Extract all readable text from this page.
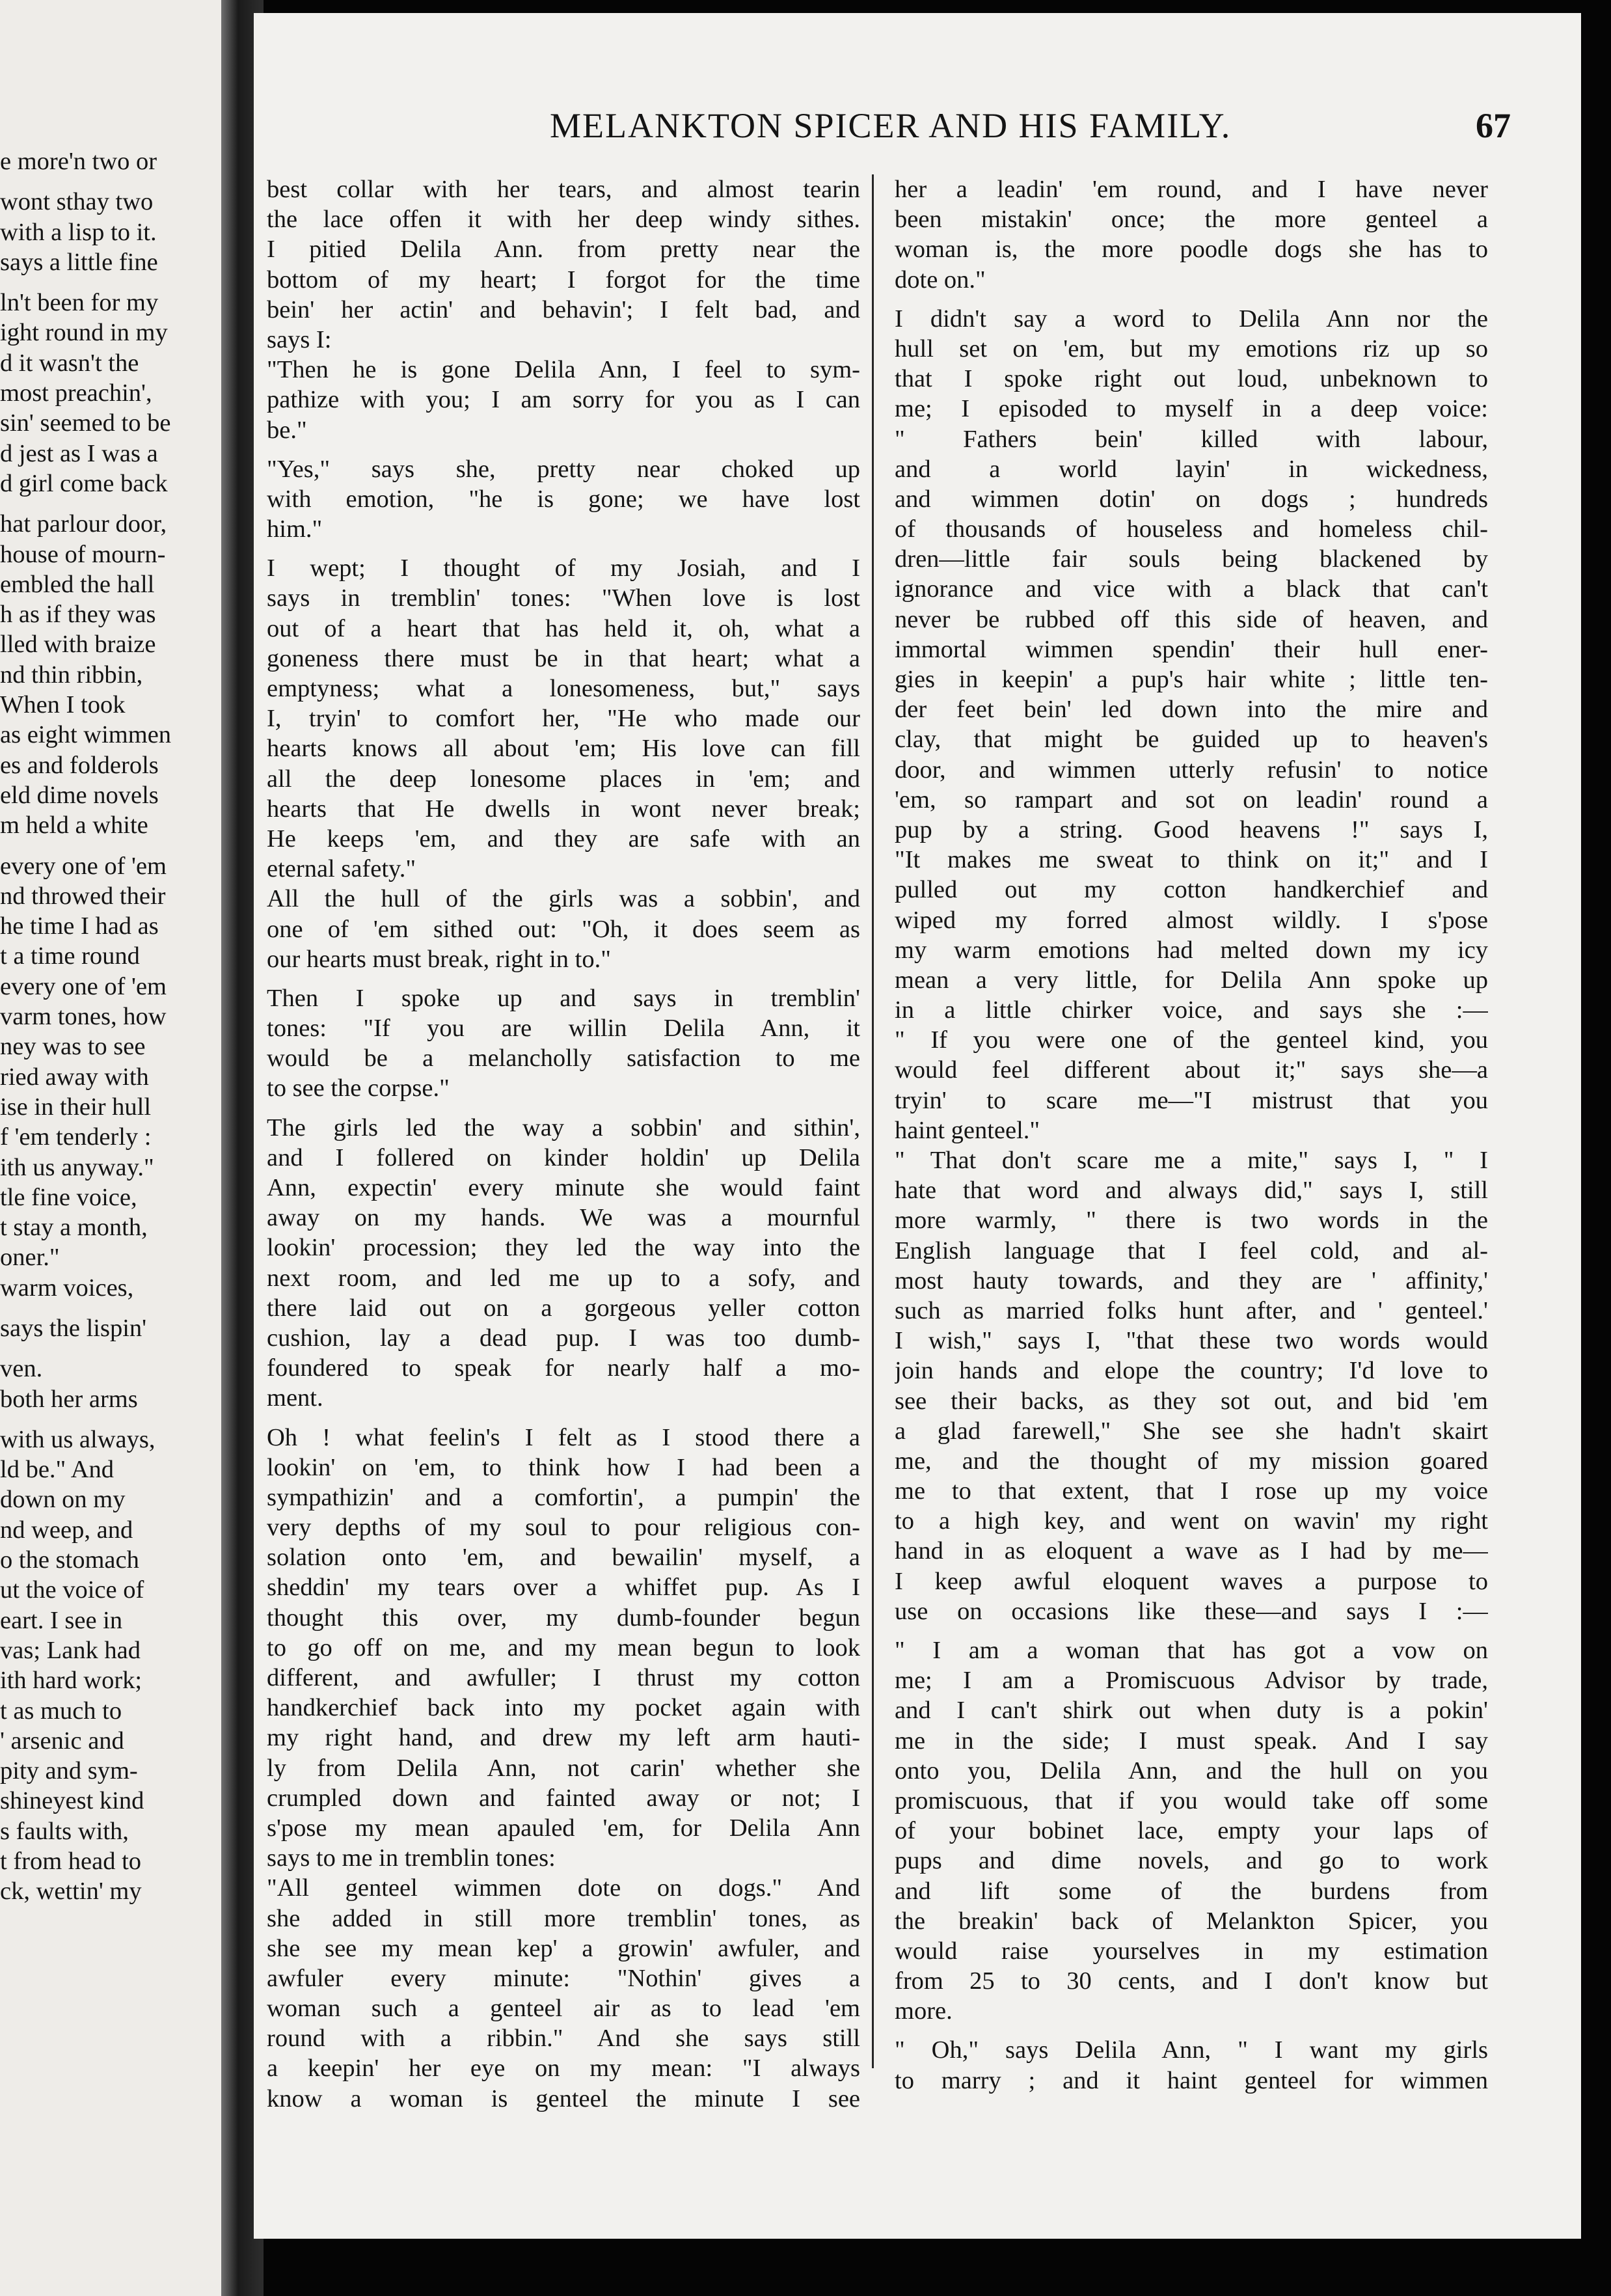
e more'n two or

wont sthay two

with a lisp to it.

says a little fine

ln't been for my

ight round in my

d it wasn't the

most preachin',

sin' seemed to be

d jest as I was a

d girl come back

hat parlour door,

house of mourn-

embled the hall

h as if they was

lled with braize

nd thin ribbin,

When I took

as eight wimmen

es and folderols

eld dime novels

m held a white

every one of 'em

nd throwed their

he time I had as

t a time round

every one of 'em

varm tones, how

ney was to see

ried away with

ise in their hull

f 'em tenderly :

ith us anyway."

tle fine voice,

t stay a month,

oner."

warm voices,

says the lispin'

ven.

both her arms

with us always,

ld be." And

down on my

nd weep, and

o the stomach

ut the voice of

eart. I see in

vas; Lank had

ith hard work;

t as much to

' arsenic and

pity and sym-

shineyest kind

s faults with,

t from head to

ck, wettin' my

MELANKTON SPICER AND HIS FAMILY.	67

best collar with her tears, and almost tearin

the lace offen it with her deep windy sithes.

I pitied Delila Ann. from pretty near the

bottom of my heart; I forgot for the time

bein' her actin' and behavin'; I felt bad, and

says I:

"Then he is gone Delila Ann, I feel to sym-

pathize with you; I am sorry for you as I can

be."

"Yes," says she, pretty near choked up

with emotion, "he is gone; we have lost

him."

I wept; I thought of my Josiah, and I

says in tremblin' tones: "When love is lost

out of a heart that has held it, oh, what a

goneness there must be in that heart; what a

emptyness; what a lonesomeness, but," says

I, tryin' to comfort her, "He who made our

hearts knows all about 'em; His love can fill

all the deep lonesome places in 'em; and

hearts that He dwells in wont never break;

He keeps 'em, and they are safe with an

eternal safety."

All the hull of the girls was a sobbin', and

one of 'em sithed out: "Oh, it does seem as

our hearts must break, right in to."

Then I spoke up and says in tremblin'

tones: "If you are willin Delila Ann, it

would be a melancholly satisfaction to me

to see the corpse."

The girls led the way a sobbin' and sithin',

and I follered on kinder holdin' up Delila

Ann, expectin' every minute she would faint

away on my hands. We was a mournful

lookin' procession; they led the way into the

next room, and led me up to a sofy, and

there laid out on a gorgeous yeller cotton

cushion, lay a dead pup. I was too dumb-

foundered to speak for nearly half a mo-

ment.

Oh ! what feelin's I felt as I stood there a

lookin' on 'em, to think how I had been a

sympathizin' and a comfortin', a pumpin' the

very depths of my soul to pour religious con-

solation onto 'em, and bewailin' myself, a

sheddin' my tears over a whiffet pup. As I

thought this over, my dumb-founder begun

to go off on me, and my mean begun to look

different, and awfuller; I thrust my cotton

handkerchief back into my pocket again with

my right hand, and drew my left arm hauti-

ly from Delila Ann, not carin' whether she

crumpled down and fainted away or not; I

s'pose my mean apauled 'em, for Delila Ann

says to me in tremblin tones:

"All genteel wimmen dote on dogs." And

she added in still more tremblin' tones, as

she see my mean kep' a growin' awfuler, and

awfuler every minute: "Nothin' gives a

woman such a genteel air as to lead 'em

round with a ribbin." And she says still

a keepin' her eye on my mean: "I always

know a woman is genteel the minute I see

her a leadin' 'em round, and I have never

been mistakin' once; the more genteel a

woman is, the more poodle dogs she has to

dote on."

I didn't say a word to Delila Ann nor the

hull set on 'em, but my emotions riz up so

that I spoke right out loud, unbeknown to

me; I episoded to myself in a deep voice:

" Fathers bein' killed with labour,

and a world layin' in wickedness,

and wimmen dotin' on dogs ; hundreds

of thousands of houseless and homeless chil-

dren—little fair souls being blackened by

ignorance and vice with a black that can't

never be rubbed off this side of heaven, and

immortal wimmen spendin' their hull ener-

gies in keepin' a pup's hair white ; little ten-

der feet bein' led down into the mire and

clay, that might be guided up to heaven's

door, and wimmen utterly refusin' to notice

'em, so rampart and sot on leadin' round a

pup by a string. Good heavens !" says I,

"It makes me sweat to think on it;" and I

pulled out my cotton handkerchief and

wiped my forred almost wildly. I s'pose

my warm emotions had melted down my icy

mean a very little, for Delila Ann spoke up

in a little chirker voice, and says she :—

" If you were one of the genteel kind, you

would feel different about it;" says she—a

tryin' to scare me—"I mistrust that you

haint genteel."

" That don't scare me a mite," says I, " I

hate that word and always did," says I, still

more warmly, " there is two words in the

English language that I feel cold, and al-

most hauty towards, and they are ' affinity,'

such as married folks hunt after, and ' genteel.'

I wish," says I, "that these two words would

join hands and elope the country; I'd love to

see their backs, as they sot out, and bid 'em

a glad farewell," She see she hadn't skairt

me, and the thought of my mission goared

me to that extent, that I rose up my voice

to a high key, and went on wavin' my right

hand in as eloquent a wave as I had by me—

I keep awful eloquent waves a purpose to

use on occasions like these—and says I :—

" I am a woman that has got a vow on

me; I am a Promiscuous Advisor by trade,

and I can't shirk out when duty is a pokin'

me in the side; I must speak. And I say

onto you, Delila Ann, and the hull on you

promiscuous, that if you would take off some

of your bobinet lace, empty your laps of

pups and dime novels, and go to work

and lift some of the burdens from

the breakin' back of Melankton Spicer, you

would raise yourselves in my estimation

from 25 to 30 cents, and I don't know but

more.

" Oh," says Delila Ann, " I want my girls

to marry ; and it haint genteel for wimmen
